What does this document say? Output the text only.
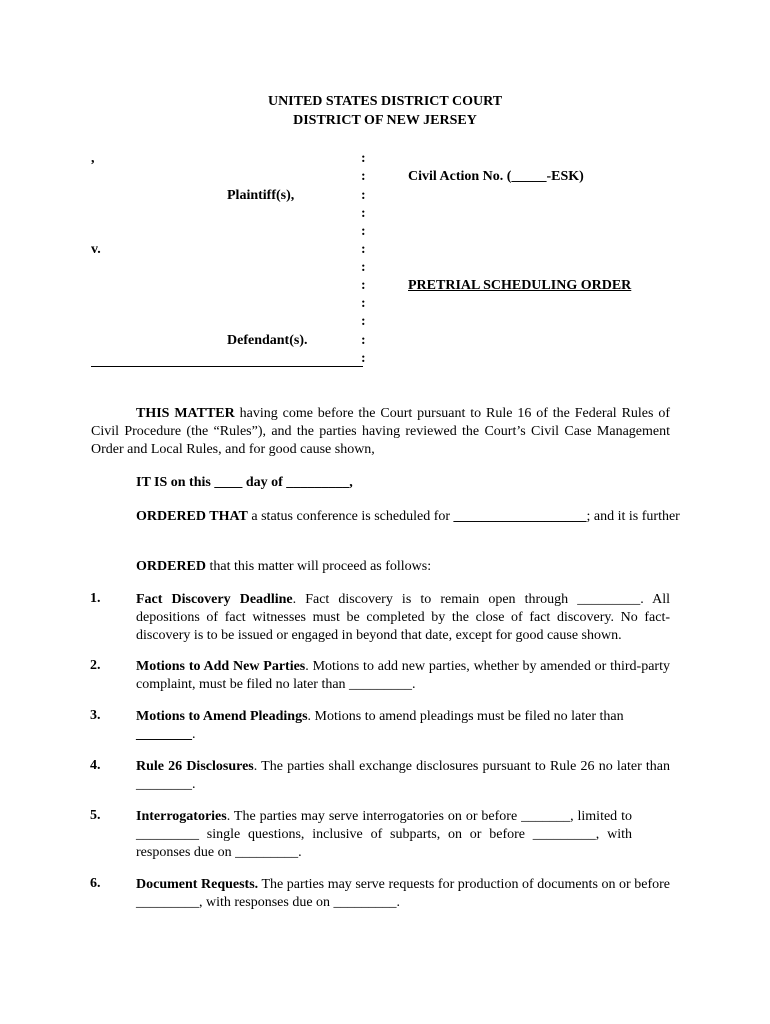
UNITED STATES DISTRICT COURT
DISTRICT OF NEW JERSEY
,
Plaintiff(s),
v.
Defendant(s).
:
:
:
:
:
:
:
:
:
:
:
:
Civil Action No. (_____-ESK)
PRETRIAL SCHEDULING ORDER
THIS MATTER having come before the Court pursuant to Rule 16 of the Federal Rules of Civil Procedure (the “Rules”), and the parties having reviewed the Court’s Civil Case Management Order and Local Rules, and for good cause shown,
IT IS on this ____ day of _________,
ORDERED THAT a status conference is scheduled for ___________________; and it is further
ORDERED that this matter will proceed as follows:
1.	Fact Discovery Deadline. Fact discovery is to remain open through _________. All depositions of fact witnesses must be completed by the close of fact discovery. No fact-discovery is to be issued or engaged in beyond that date, except for good cause shown.
2.	Motions to Add New Parties. Motions to add new parties, whether by amended or third-party complaint, must be filed no later than _________.
3.	Motions to Amend Pleadings. Motions to amend pleadings must be filed no later than
________.
4.	Rule 26 Disclosures. The parties shall exchange disclosures pursuant to Rule 26 no later than ________.
5.	Interrogatories. The parties may serve interrogatories on or before _______, limited to _________ single questions, inclusive of subparts, on or before _________, with responses due on _________.
6.	Document Requests. The parties may serve requests for production of documents on or before _________, with responses due on _________.
